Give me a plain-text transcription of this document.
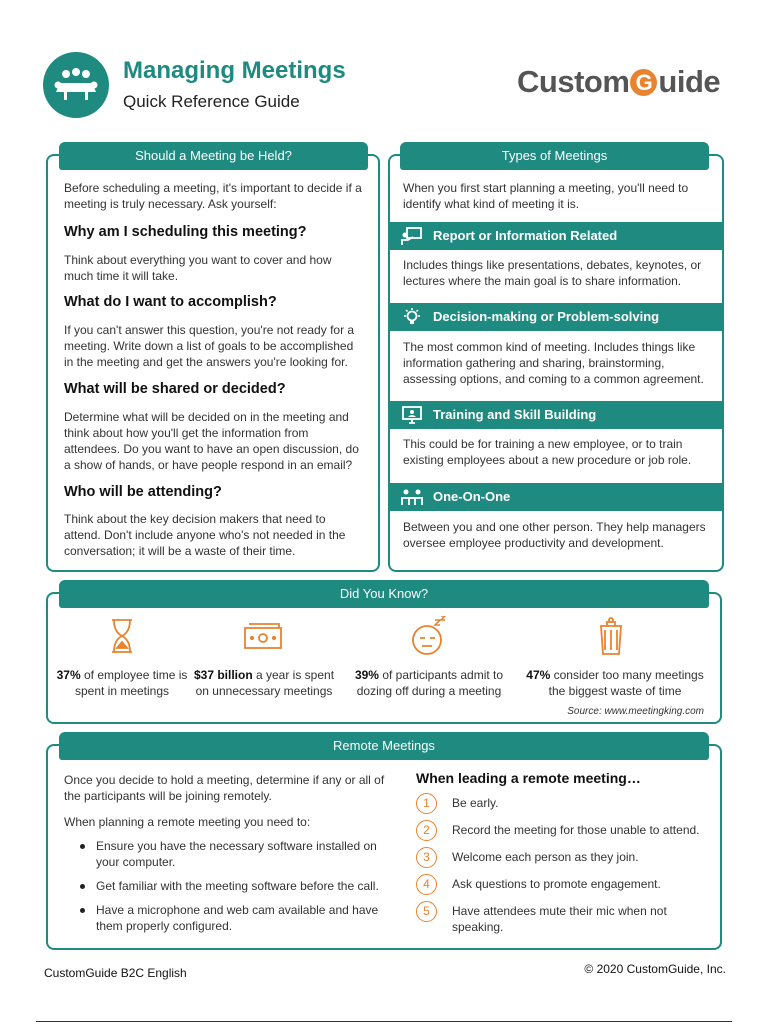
Managing Meetings
Quick Reference Guide
Custom G uide
Should a Meeting be Held?
Before scheduling a meeting, it's important to decide if a meeting is truly necessary. Ask yourself:
Why am I scheduling this meeting?
Think about everything you want to cover and how much time it will take.
What do I want to accomplish?
If you can't answer this question, you're not ready for a meeting. Write down a list of goals to be accomplished in the meeting and get the answers you're looking for.
What will be shared or decided?
Determine what will be decided on in the meeting and think about how you'll get the information from attendees. Do you want to have an open discussion, do a show of hands, or have people respond in an email?
Who will be attending?
Think about the key decision makers that need to attend. Don't include anyone who's not needed in the conversation; it will be a waste of their time.
Types of Meetings
When you first start planning a meeting, you'll need to identify what kind of meeting it is.
Report or Information Related
Includes things like presentations, debates, keynotes, or lectures where the main goal is to share information.
Decision-making or Problem-solving
The most common kind of meeting. Includes things like information gathering and sharing, brainstorming, assessing options, and coming to a common agreement.
Training and Skill Building
This could be for training a new employee, or to train existing employees about a new procedure or job role.
One-On-One
Between you and one other person. They help managers oversee employee productivity and development.
Did You Know?
37% of employee time is spent in meetings
$37 billion a year is spent on unnecessary meetings
39% of participants admit to dozing off during a meeting
47% consider too many meetings the biggest waste of time
Source: www.meetingking.com
Remote Meetings
Once you decide to hold a meeting, determine if any or all of the participants will be joining remotely.
When planning a remote meeting you need to:
Ensure you have the necessary software installed on your computer.
Get familiar with the meeting software before the call.
Have a microphone and web cam available and have them properly configured.
When leading a remote meeting…
1	Be early.
2	Record the meeting for those unable to attend.
3	Welcome each person as they join.
4	Ask questions to promote engagement.
5	Have attendees mute their mic when not speaking.
CustomGuide B2C English	© 2020 CustomGuide, Inc.
